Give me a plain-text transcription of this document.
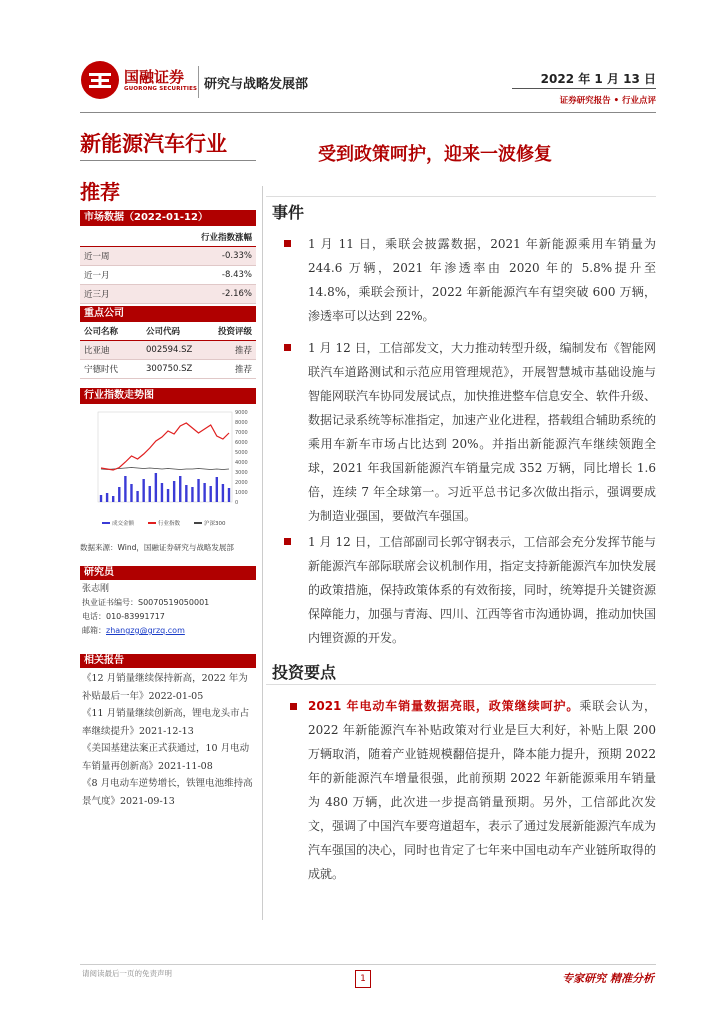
国融证券
GUORONG SECURITIES 研究与战略发展部	2022 年 1 月 13 日
证券研究报告 • 行业点评
新能源汽车行业	受到政策呵护，迎来一波修复
推荐
市场数据（2022-01-12）
行业指数涨幅
近一周	-0.33%
近一月	-8.43%
近三月	-2.16%
重点公司
公司名称	公司代码	投资评级
比亚迪	002594.SZ	推荐
宁德时代	300750.SZ	推荐
行业指数走势图
9000
8000
7000
6000
5000
4000
3000
2000
1000
0
成交金额	行业指数	沪深300
数据来源：Wind，国融证券研究与战略发展部
研究员

张志刚

执业证书编号：S0070519050001

电话：010-83991717

邮箱：zhangzg@grzq.com

相关报告

《12 月销量继续保持新高，2022 年为补贴最后一年》2022-01-05

《11 月销量继续创新高，锂电龙头市占率继续提升》2021-12-13

《美国基建法案正式获通过，10 月电动车销量再创新高》2021-11-08

《8 月电动车逆势增长，铁锂电池维持高景气度》2021-09-13

事件
1 月 11 日，乘联会披露数据，2021 年新能源乘用车销量为 244.6 万辆，2021 年渗透率由 2020 年的 5.8%提升至 14.8%，乘联会预计，2022 年新能源汽车有望突破 600 万辆，渗透率可以达到 22%。
1 月 12 日，工信部发文，大力推动转型升级，编制发布《智能网联汽车道路测试和示范应用管理规范》，开展智慧城市基础设施与智能网联汽车协同发展试点，加快推进整车信息安全、软件升级、数据记录系统等标准指定，加速产业化进程，搭载组合辅助系统的乘用车新车市场占比达到 20%。并指出新能源汽车继续领跑全球，2021 年我国新能源汽车销量完成 352 万辆，同比增长 1.6 倍，连续 7 年全球第一。习近平总书记多次做出指示，强调要成为制造业强国，要做汽车强国。
1 月 12 日，工信部副司长郭守钢表示，工信部会充分发挥节能与新能源汽车部际联席会议机制作用，指定支持新能源汽车加快发展的政策措施，保持政策体系的有效衔接，同时，统筹提升关键资源保障能力，加强与青海、四川、江西等省市沟通协调，推动加快国内锂资源的开发。
投资要点
2021 年电动车销量数据亮眼，政策继续呵护。乘联会认为，2022 年新能源汽车补贴政策对行业是巨大利好，补贴上限 200 万辆取消，随着产业链规模翻倍提升，降本能力提升，预期 2022 年的新能源汽车增量很强，此前预期 2022 年新能源乘用车销量为 480 万辆，此次进一步提高销量预期。另外，工信部此次发文，强调了中国汽车要弯道超车，表示了通过发展新能源汽车成为汽车强国的决心，同时也肯定了七年来中国电动车产业链所取得的成就。
请阅读最后一页的免责声明
1	专家研究 精准分析
